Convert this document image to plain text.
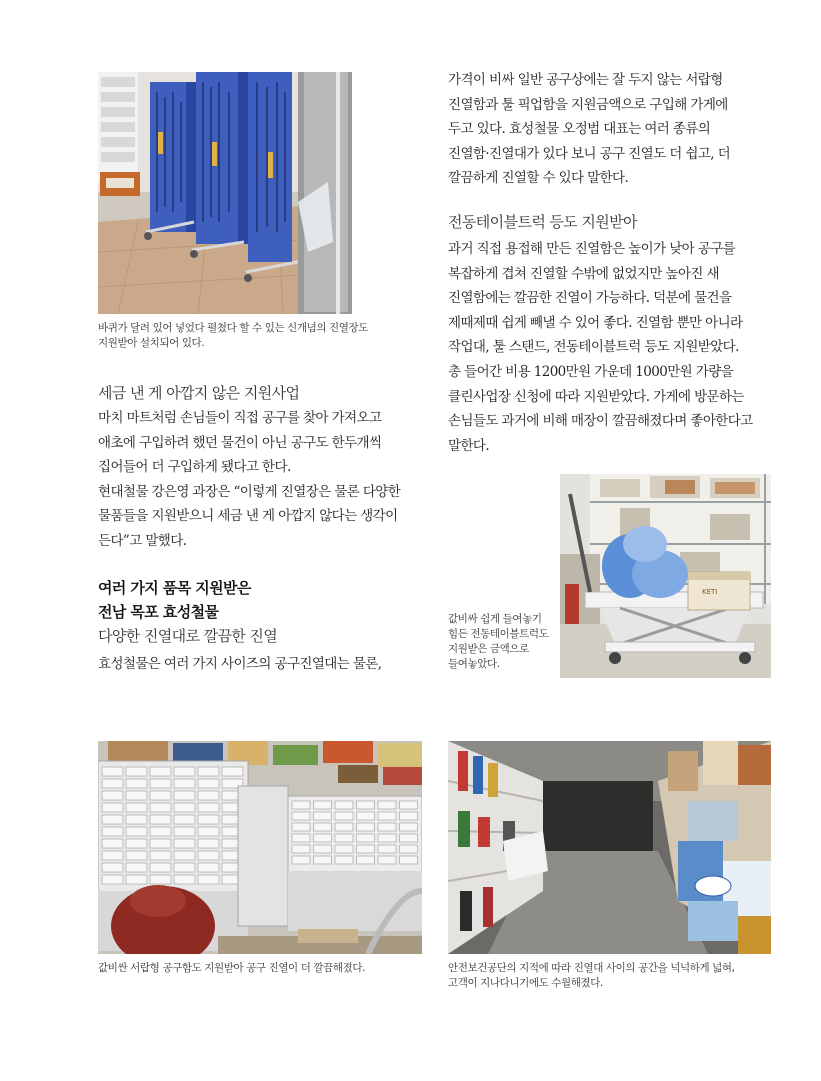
바퀴가 달려 있어 넣었다 펼쳤다 할 수 있는 신개념의 진열장도
지원받아 설치되어 있다.
세금 낸 게 아깝지 않은 지원사업
마치 마트처럼 손님들이 직접 공구를 찾아 가져오고
애초에 구입하려 했던 물건이 아닌 공구도 한두개씩
집어들어 더 구입하게 됐다고 한다.
현대철물 강은영 과장은 “이렇게 진열장은 물론 다양한
물품들을 지원받으니 세금 낸 게 아깝지 않다는 생각이
든다”고 말했다.
여러 가지 품목 지원받은
전남 목포 효성철물
다양한 진열대로 깔끔한 진열
효성철물은 여러 가지 사이즈의 공구진열대는 물론,
가격이 비싸 일반 공구상에는 잘 두지 않는 서랍형
진열함과 툴 픽업함을 지원금액으로 구입해 가게에
두고 있다. 효성철물 오정범 대표는 여러 종류의
진열함·진열대가 있다 보니 공구 진열도 더 쉽고, 더
깔끔하게 진열할 수 있다 말한다.
전동테이블트럭 등도 지원받아
과거 직접 용접해 만든 진열함은 높이가 낮아 공구를
복잡하게 겹쳐 진열할 수밖에 없었지만 높아진 새
진열함에는 깔끔한 진열이 가능하다. 덕분에 물건을
제때제때 쉽게 빼낼 수 있어 좋다. 진열함 뿐만 아니라
작업대, 툴 스탠드, 전동테이블트럭 등도 지원받았다.
총 들어간 비용 1200만원 가운데 1000만원 가량을
클린사업장 신청에 따라 지원받았다. 가게에 방문하는
손님들도 과거에 비해 매장이 깔끔해졌다며 좋아한다고
말한다.
KETI
값비싸 쉽게 들여놓기
힘든 전동테이블트럭도
지원받은 금액으로
들여놓았다.
값비싼 서랍형 공구함도 지원받아 공구 진열이 더 깔끔해졌다.	안전보건공단의 지적에 따라 진열대 사이의 공간을 넉넉하게 넓혀,
고객이 지나다니기에도 수월해졌다.
